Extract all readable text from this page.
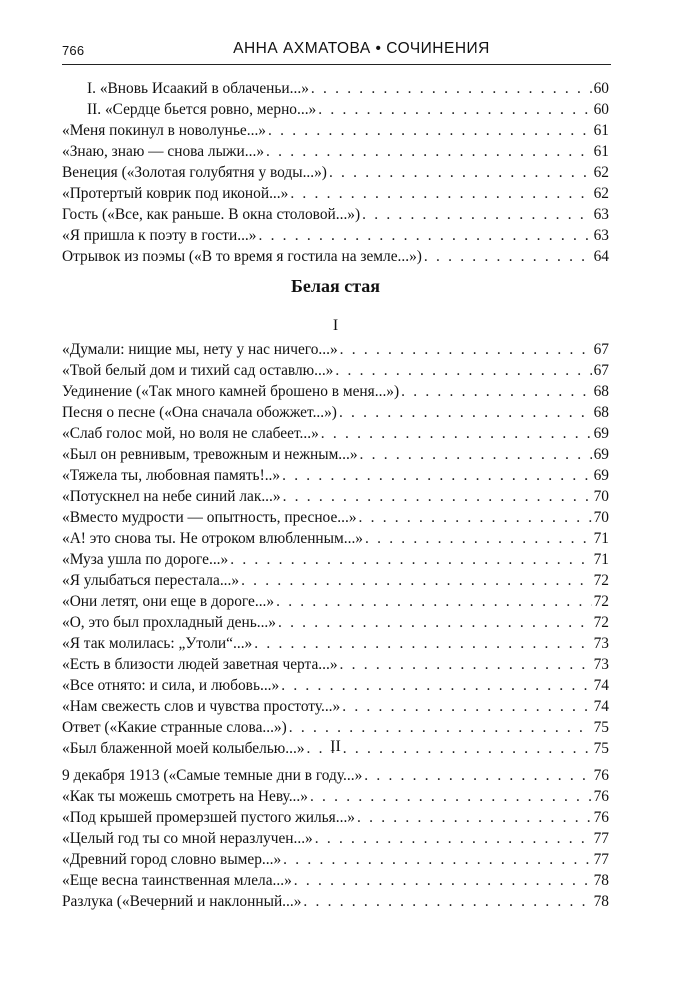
766	АННА АХМАТОВА • СОЧИНЕНИЯ
I. «Вновь Исаакий в облаченьи...» . . .	60
II. «Сердце бьется ровно, мерно...» . . .	60
«Меня покинул в новолунье...» . . .	61
«Знаю, знаю — снова лыжи...» . . .	61
Венеция («Золотая голубятня у воды...») . . .	62
«Протертый коврик под иконой...» . . .	62
Гость («Все, как раньше. В окна столовой...») . . .	63
«Я пришла к поэту в гости...» . . .	63
Отрывок из поэмы («В то время я гостила на земле...») . . .	64
Белая стая
I
«Думали: нищие мы, нету у нас ничего...» . . .	67
«Твой белый дом и тихий сад оставлю...» . . .	67
Уединение («Так много камней брошено в меня...») . . .	68
Песня о песне («Она сначала обожжет...») . . .	68
«Слаб голос мой, но воля не слабеет...» . . .	69
«Был он ревнивым, тревожным и нежным...» . . .	69
«Тяжела ты, любовная память!..» . . .	69
«Потускнел на небе синий лак...» . . .	70
«Вместо мудрости — опытность, пресное...» . . .	70
«А! это снова ты. Не отроком влюбленным...» . . .	71
«Муза ушла по дороге...» . . .	71
«Я улыбаться перестала...» . . .	72
«Они летят, они еще в дороге...» . . .	72
«О, это был прохладный день...» . . .	72
«Я так молилась: „Утоли“...» . . .	73
«Есть в близости людей заветная черта...» . . .	73
«Все отнято: и сила, и любовь...» . . .	74
«Нам свежесть слов и чувства простоту...» . . .	74
Ответ («Какие странные слова...») . . .	75
«Был блаженной моей колыбелью...» . . .	75
II
9 декабря 1913 («Самые темные дни в году...» . . .	76
«Как ты можешь смотреть на Неву...» . . .	76
«Под крышей промерзшей пустого жилья...» . . .	76
«Целый год ты со мной неразлучен...» . . .	77
«Древний город словно вымер...» . . .	77
«Еще весна таинственная млела...» . . .	78
Разлука («Вечерний и наклонный...» . . .	78
